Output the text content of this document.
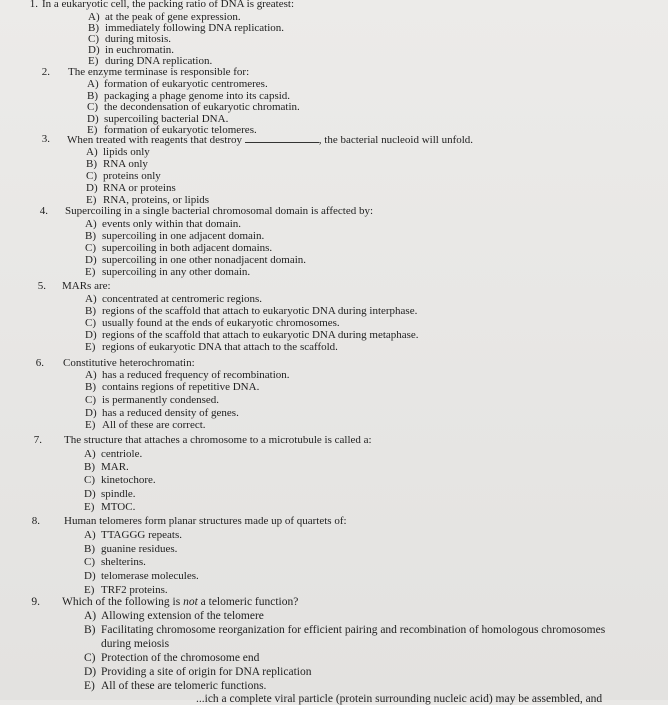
1. In a eukaryotic cell, the packing ratio of DNA is greatest:
A) at the peak of gene expression.
B) immediately following DNA replication.
C) during mitosis.
D) in euchromatin.
E) during DNA replication.
2. The enzyme terminase is responsible for:
A) formation of eukaryotic centromeres.
B) packaging a phage genome into its capsid.
C) the decondensation of eukaryotic chromatin.
D) supercoiling bacterial DNA.
E) formation of eukaryotic telomeres.
3. When treated with reagents that destroy	, the bacterial nucleoid will unfold.
A) lipids only
B) RNA only
C) proteins only
D) RNA or proteins
E) RNA, proteins, or lipids
4. Supercoiling in a single bacterial chromosomal domain is affected by:
A) events only within that domain.
B) supercoiling in one adjacent domain.
C) supercoiling in both adjacent domains.
D) supercoiling in one other nonadjacent domain.
E) supercoiling in any other domain.
5. MARs are:
A) concentrated at centromeric regions.
B) regions of the scaffold that attach to eukaryotic DNA during interphase.
C) usually found at the ends of eukaryotic chromosomes.
D) regions of the scaffold that attach to eukaryotic DNA during metaphase.
E) regions of eukaryotic DNA that attach to the scaffold.
6. Constitutive heterochromatin:
A) has a reduced frequency of recombination.
B) contains regions of repetitive DNA.
C) is permanently condensed.
D) has a reduced density of genes.
E) All of these are correct.
7. The structure that attaches a chromosome to a microtubule is called a:
A) centriole.
B) MAR.
C) kinetochore.
D) spindle.
E) MTOC.
8. Human telomeres form planar structures made up of quartets of:
A) TTAGGG repeats.
B) guanine residues.
C) shelterins.
D) telomerase molecules.
E) TRF2 proteins.
9. Which of the following is not a telomeric function?
A) Allowing extension of the telomere
B) Facilitating chromosome reorganization for efficient pairing and recombination of homologous chromosomes
during meiosis
C) Protection of the chromosome end
D) Providing a site of origin for DNA replication
E) All of these are telomeric functions.
...ich a complete viral particle (protein surrounding nucleic acid) may be assembled, and
